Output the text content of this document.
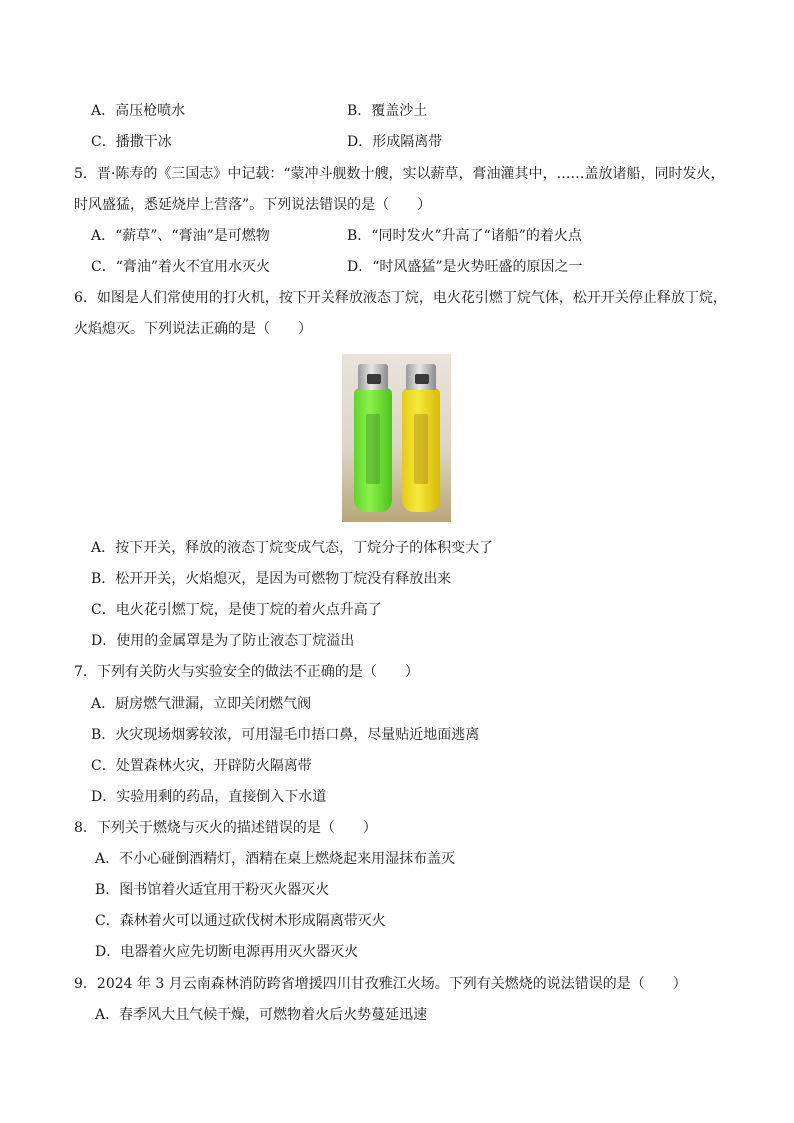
A．高压枪喷水	B．覆盖沙土
C．播撒干冰	D．形成隔离带
5．晋·陈寿的《三国志》中记载：“蒙冲斗舰数十艘，实以薪草，膏油灌其中，……盖放诸船，同时发火，
时风盛猛，悉延烧岸上营落”。下列说法错误的是（　　）
A．“薪草”、“膏油”是可燃物	B．“同时发火”升高了“诸船”的着火点
C．“膏油”着火不宜用水灭火	D．“时风盛猛”是火势旺盛的原因之一
6．如图是人们常使用的打火机，按下开关释放液态丁烷，电火花引燃丁烷气体，松开开关停止释放丁烷，
火焰熄灭。下列说法正确的是（　　）
A．按下开关，释放的液态丁烷变成气态，丁烷分子的体积变大了
B．松开开关，火焰熄灭，是因为可燃物丁烷没有释放出来
C．电火花引燃丁烷，是使丁烷的着火点升高了
D．使用的金属罩是为了防止液态丁烷溢出
7．下列有关防火与实验安全的做法不正确的是（　　）
A．厨房燃气泄漏，立即关闭燃气阀
B．火灾现场烟雾较浓，可用湿毛巾捂口鼻，尽量贴近地面逃离
C．处置森林火灾，开辟防火隔离带
D．实验用剩的药品，直接倒入下水道
8．下列关于燃烧与灭火的描述错误的是（　　）
A．不小心碰倒酒精灯，酒精在桌上燃烧起来用湿抹布盖灭
B．图书馆着火适宜用干粉灭火器灭火
C．森林着火可以通过砍伐树木形成隔离带灭火
D．电器着火应先切断电源再用灭火器灭火
9．2024 年 3 月云南森林消防跨省增援四川甘孜雅江火场。下列有关燃烧的说法错误的是（　　）
A．春季风大且气候干燥，可燃物着火后火势蔓延迅速
